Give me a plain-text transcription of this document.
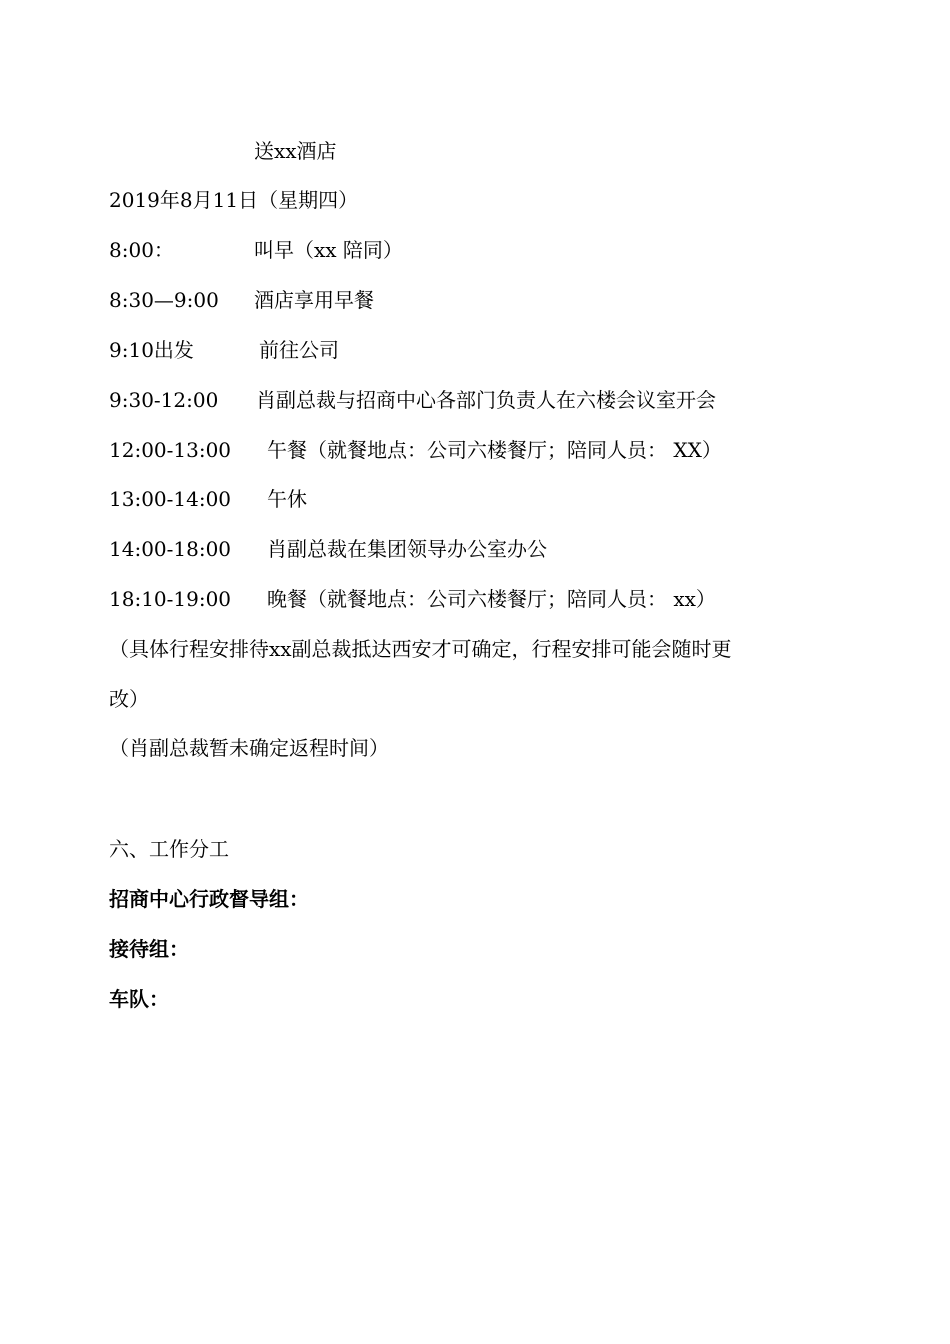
送xx酒店
2019年8月11日（星期四）
8:00：	叫早（xx 陪同）
8:30—9:00 酒店享用早餐
9:10出发	前往公司
9:30-12:00 肖副总裁与招商中心各部门负责人在六楼会议室开会
12:00-13:00 午餐（就餐地点：公司六楼餐厅；陪同人员： XX）
13:00-14:00 午休
14:00-18:00 肖副总裁在集团领导办公室办公
18:10-19:00 晚餐（就餐地点：公司六楼餐厅；陪同人员： xx）
（具体行程安排待xx副总裁抵达西安才可确定，行程安排可能会随时更
改）
（肖副总裁暂未确定返程时间）
六、工作分工
招商中心行政督导组：
接待组：
车队：
